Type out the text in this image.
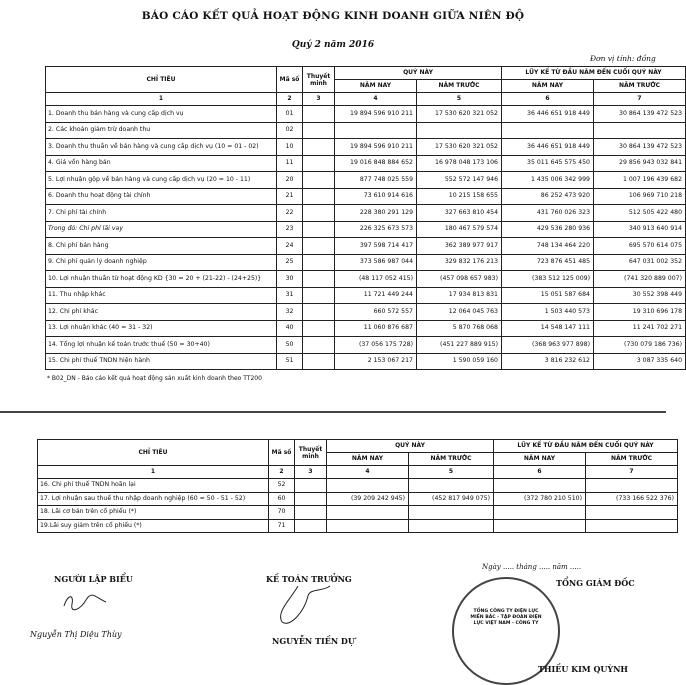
BÁO CÁO KẾT QUẢ HOẠT ĐỘNG KINH DOANH GIỮA NIÊN ĐỘ
Quý 2 năm 2016
Đơn vị tính: đồng
CHỈ TIÊU	Mã số	Thuyết minh	QUÝ NÀY	LŨY KẾ TỪ ĐẦU NĂM ĐẾN CUỐI QUÝ NÀY
NĂM NAY	NĂM TRƯỚC	NĂM NAY	NĂM TRƯỚC
1	2	3	4	5	6	7
1. Doanh thu bán hàng và cung cấp dịch vụ	01		19 894 596 910 211	17 530 620 321 052	36 446 651 918 449	30 864 139 472 523
2. Các khoản giảm trừ doanh thu	02					
3. Doanh thu thuần về bán hàng và cung cấp dịch vụ (10 = 01 - 02)	10		19 894 596 910 211	17 530 620 321 052	36 446 651 918 449	30 864 139 472 523
4. Giá vốn hàng bán	11		19 016 848 884 652	16 978 048 173 106	35 011 645 575 450	29 856 943 032 841
5. Lợi nhuận gộp về bán hàng và cung cấp dịch vụ (20 = 10 - 11)	20		877 748 025 559	552 572 147 946	1 435 006 342 999	1 007 196 439 682
6. Doanh thu hoạt động tài chính	21		73 610 914 616	10 215 158 655	86 252 473 920	106 969 710 218
7. Chi phí tài chính	22		228 380 291 129	327 663 810 454	431 760 026 323	512 505 422 480
Trong đó: Chi phí lãi vay	23		226 325 673 573	180 467 579 574	429 536 280 936	340 913 640 914
8. Chi phí bán hàng	24		397 598 714 417	362 389 977 917	748 134 464 220	695 570 614 075
9. Chi phí quản lý doanh nghiệp	25		373 586 987 044	329 832 176 213	723 876 451 485	647 031 002 352
10. Lợi nhuận thuần từ hoạt động KD {30 = 20 + (21-22) - (24+25)}	30		(48 117 052 415)	(457 098 657 983)	(383 512 125 009)	(741 320 889 007)
11. Thu nhập khác	31		11 721 449 244	17 934 813 831	15 051 587 684	30 552 398 449
12. Chi phí khác	32		660 572 557	12 064 045 763	1 503 440 573	19 310 696 178
13. Lợi nhuận khác (40 = 31 - 32)	40		11 060 876 687	5 870 768 068	14 548 147 111	11 241 702 271
14. Tổng lợi nhuận kế toán trước thuế (50 = 30+40)	50		(37 056 175 728)	(451 227 889 915)	(368 963 977 898)	(730 079 186 736)
15. Chi phí thuế TNDN hiện hành	51		2 153 067 217	1 590 059 160	3 816 232 612	3 087 335 640
* B02_DN - Báo cáo kết quả hoạt động sản xuất kinh doanh theo TT200
CHỈ TIÊU	Mã số	Thuyết minh	QUÝ NÀY	LŨY KẾ TỪ ĐẦU NĂM ĐẾN CUỐI QUÝ NÀY
NĂM NAY	NĂM TRƯỚC	NĂM NAY	NĂM TRƯỚC
1	2	3	4	5	6	7
16. Chi phí thuế TNDN hoãn lại	52					
17. Lợi nhuận sau thuế thu nhập doanh nghiệp (60 = 50 - 51 - 52)	60		(39 209 242 945)	(452 817 949 075)	(372 780 210 510)	(733 166 522 376)
18. Lãi cơ bản trên cổ phiếu (*)	70					
19.Lãi suy giảm trên cổ phiếu (*)	71					
NGƯỜI LẬP BIỂU
Nguyễn Thị Diệu Thùy
KẾ TOÁN TRƯỞNG
NGUYỄN TIẾN DỰ
Ngày ..... tháng ..... năm .....
TỔNG CÔNG TY ĐIỆN LỰC MIỀN BẮC - TẬP ĐOÀN ĐIỆN LỰC VIỆT NAM - CÔNG TY
TỔNG GIÁM ĐỐC
THIỀU KIM QUỲNH
